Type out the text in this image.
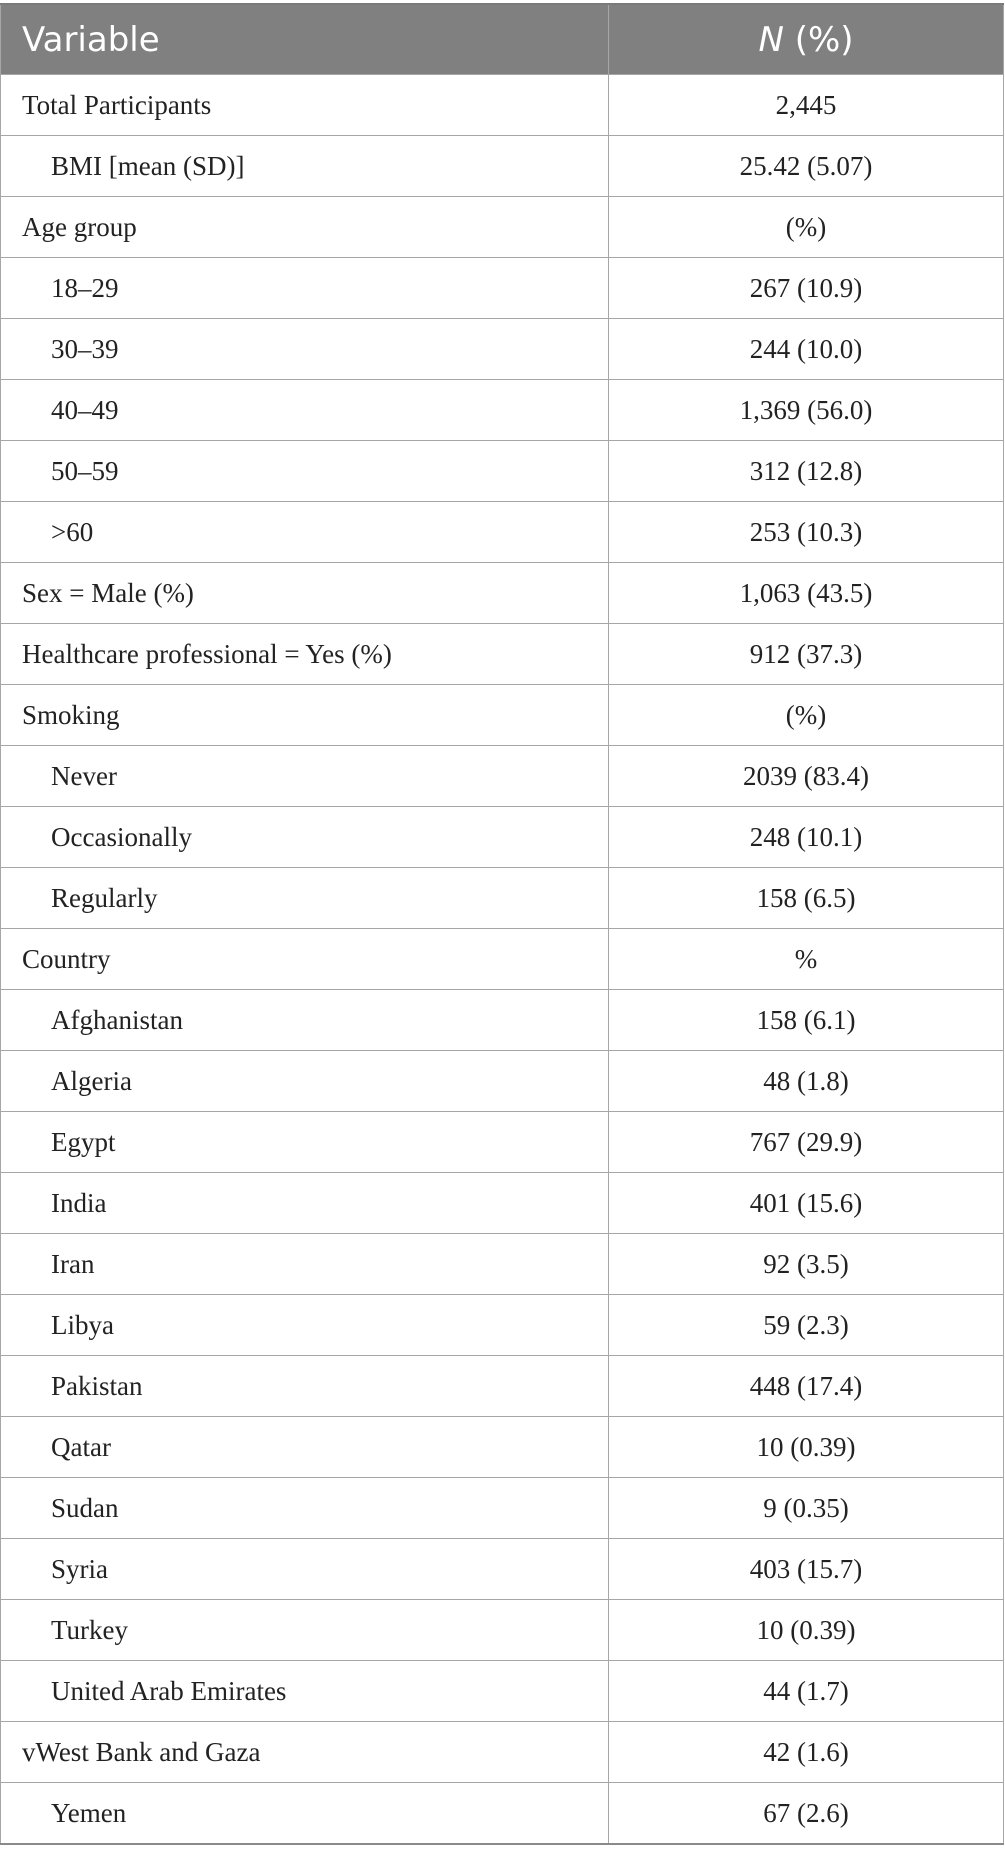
Variable	N (%)
Total Participants	2,445
BMI [mean (SD)]	25.42 (5.07)
Age group	(%)
18–29	267 (10.9)
30–39	244 (10.0)
40–49	1,369 (56.0)
50–59	312 (12.8)
>60	253 (10.3)
Sex = Male (%)	1,063 (43.5)
Healthcare professional = Yes (%)	912 (37.3)
Smoking	(%)
Never	2039 (83.4)
Occasionally	248 (10.1)
Regularly	158 (6.5)
Country	%
Afghanistan	158 (6.1)
Algeria	48 (1.8)
Egypt	767 (29.9)
India	401 (15.6)
Iran	92 (3.5)
Libya	59 (2.3)
Pakistan	448 (17.4)
Qatar	10 (0.39)
Sudan	9 (0.35)
Syria	403 (15.7)
Turkey	10 (0.39)
United Arab Emirates	44 (1.7)
vWest Bank and Gaza	42 (1.6)
Yemen	67 (2.6)
